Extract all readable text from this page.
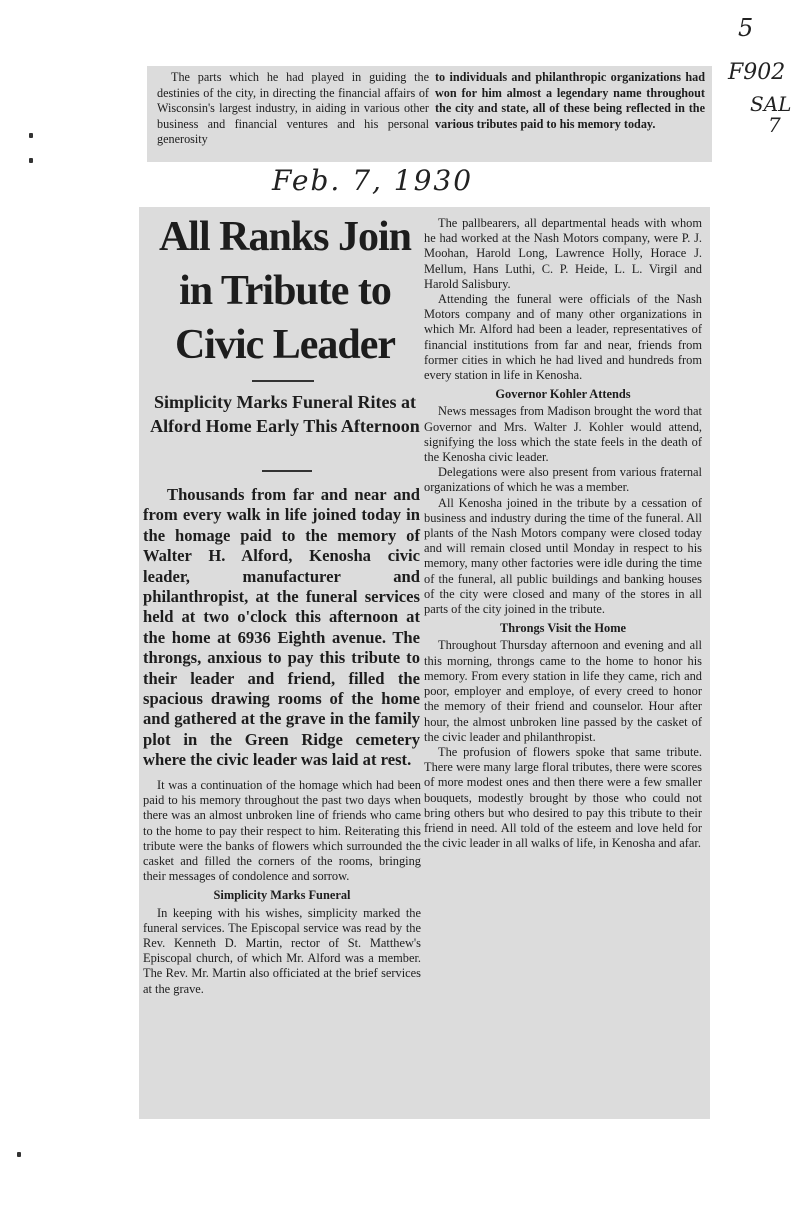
5
F902
SAL
7
Feb. 7, 1930
The parts which he had played in guiding the destinies of the city, in directing the financial affairs of Wisconsin's largest industry, in aiding in various other business and financial ventures and his personal generosity
to individuals and philanthropic organizations had won for him almost a legendary name throughout the city and state, all of these being reflected in the various tributes paid to his memory today.
All Ranks Join in Tribute to Civic Leader
Simplicity Marks Funeral Rites at Alford Home Early This Afternoon

Thousands from far and near and from every walk in life joined today in the homage paid to the memory of Walter H. Alford, Kenosha civic leader, manufacturer and philanthropist, at the funeral services held at two o'clock this afternoon at the home at 6936 Eighth avenue. The throngs, anxious to pay this tribute to their leader and friend, filled the spacious drawing rooms of the home and gathered at the grave in the family plot in the Green Ridge cemetery where the civic leader was laid at rest.

It was a continuation of the homage which had been paid to his memory throughout the past two days when there was an almost unbroken line of friends who came to the home to pay their respect to him. Reiterating this tribute were the banks of flowers which surrounded the casket and filled the corners of the rooms, bringing their messages of condolence and sorrow.

Simplicity Marks Funeral

In keeping with his wishes, simplicity marked the funeral services. The Episcopal service was read by the Rev. Kenneth D. Martin, rector of St. Matthew's Episcopal church, of which Mr. Alford was a member. The Rev. Mr. Martin also officiated at the brief services at the grave.

The pallbearers, all departmental heads with whom he had worked at the Nash Motors company, were P. J. Moohan, Harold Long, Lawrence Holly, Horace J. Mellum, Hans Luthi, C. P. Heide, L. L. Virgil and Harold Salisbury.

Attending the funeral were officials of the Nash Motors company and of many other organizations in which Mr. Alford had been a leader, representatives of financial institutions from far and near, friends from former cities in which he had lived and hundreds from every station in life in Kenosha.

Governor Kohler Attends

News messages from Madison brought the word that Governor and Mrs. Walter J. Kohler would attend, signifying the loss which the state feels in the death of the Kenosha civic leader.

Delegations were also present from various fraternal organizations of which he was a member.

All Kenosha joined in the tribute by a cessation of business and industry during the time of the funeral. All plants of the Nash Motors company were closed today and will remain closed until Monday in respect to his memory, many other factories were idle during the time of the funeral, all public buildings and banking houses of the city were closed and many of the stores in all parts of the city joined in the tribute.

Throngs Visit the Home

Throughout Thursday afternoon and evening and all this morning, throngs came to the home to honor his memory. From every station in life they came, rich and poor, employer and employe, of every creed to honor the memory of their friend and counselor. Hour after hour, the almost unbroken line passed by the casket of the civic leader and philanthropist.

The profusion of flowers spoke that same tribute. There were many large floral tributes, there were scores of more modest ones and then there were a few smaller bouquets, modestly brought by those who could not bring others but who desired to pay this tribute to their friend in need. All told of the esteem and love held for the civic leader in all walks of life, in Kenosha and afar.
